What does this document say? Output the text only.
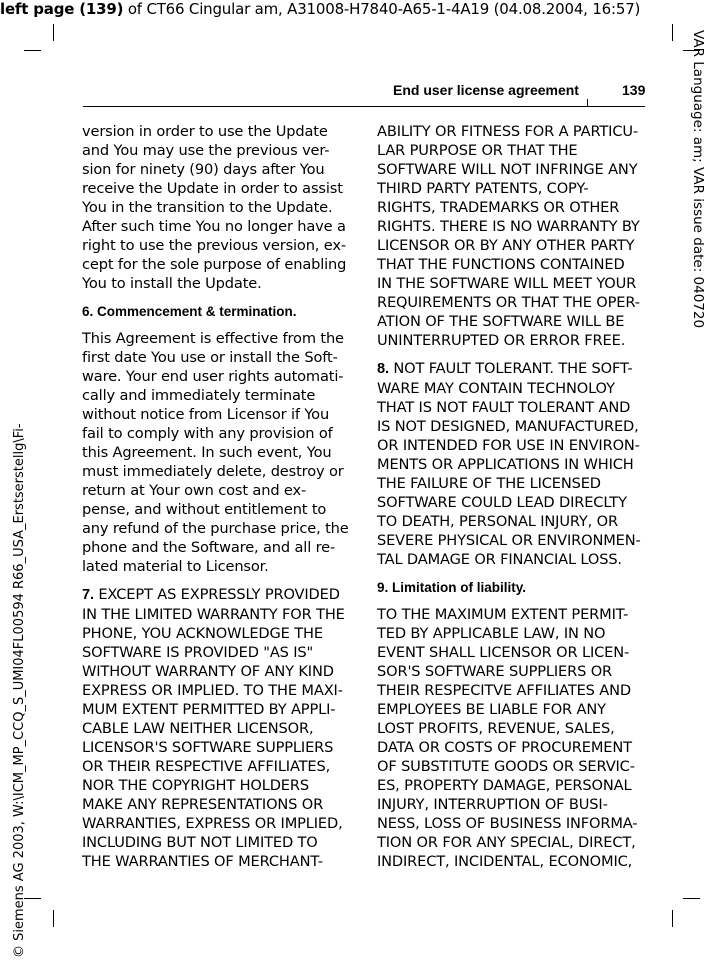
left page (139) of CT66 Cingular am, A31008-H7840-A65-1-4A19 (04.08.2004, 16:57)
VAR Language: am; VAR issue date: 040720
© Siemens AG 2003, W:\ICM_MP_CCQ_S_UMI04FL00594 R66_USA_Erstserstellg\Fi-
End user license agreement	139

version in order to use the Update
and You may use the previous ver-
sion for ninety (90) days after You
receive the Update in order to assist
You in the transition to the Update.
After such time You no longer have a
right to use the previous version, ex-
cept for the sole purpose of enabling
You to install the Update.

6. Commencement & termination.

This Agreement is effective from the
first date You use or install the Soft-
ware. Your end user rights automati-
cally and immediately terminate
without notice from Licensor if You
fail to comply with any provision of
this Agreement. In such event, You
must immediately delete, destroy or
return at Your own cost and ex-
pense, and without entitlement to
any refund of the purchase price, the
phone and the Software, and all re-
lated material to Licensor.

7. EXCEPT AS EXPRESSLY PROVIDED
IN THE LIMITED WARRANTY FOR THE
PHONE, YOU ACKNOWLEDGE THE
SOFTWARE IS PROVIDED "AS IS"
WITHOUT WARRANTY OF ANY KIND
EXPRESS OR IMPLIED. TO THE MAXI-
MUM EXTENT PERMITTED BY APPLI-
CABLE LAW NEITHER LICENSOR,
LICENSOR'S SOFTWARE SUPPLIERS
OR THEIR RESPECTIVE AFFILIATES,
NOR THE COPYRIGHT HOLDERS
MAKE ANY REPRESENTATIONS OR
WARRANTIES, EXPRESS OR IMPLIED,
INCLUDING BUT NOT LIMITED TO
THE WARRANTIES OF MERCHANT-

ABILITY OR FITNESS FOR A PARTICU-
LAR PURPOSE OR THAT THE
SOFTWARE WILL NOT INFRINGE ANY
THIRD PARTY PATENTS, COPY-
RIGHTS, TRADEMARKS OR OTHER
RIGHTS. THERE IS NO WARRANTY BY
LICENSOR OR BY ANY OTHER PARTY
THAT THE FUNCTIONS CONTAINED
IN THE SOFTWARE WILL MEET YOUR
REQUIREMENTS OR THAT THE OPER-
ATION OF THE SOFTWARE WILL BE
UNINTERRUPTED OR ERROR FREE.

8. NOT FAULT TOLERANT. THE SOFT-
WARE MAY CONTAIN TECHNOLOY
THAT IS NOT FAULT TOLERANT AND
IS NOT DESIGNED, MANUFACTURED,
OR INTENDED FOR USE IN ENVIRON-
MENTS OR APPLICATIONS IN WHICH
THE FAILURE OF THE LICENSED
SOFTWARE COULD LEAD DIRECLTY
TO DEATH, PERSONAL INJURY, OR
SEVERE PHYSICAL OR ENVIRONMEN-
TAL DAMAGE OR FINANCIAL LOSS.

9. Limitation of liability.

TO THE MAXIMUM EXTENT PERMIT-
TED BY APPLICABLE LAW, IN NO
EVENT SHALL LICENSOR OR LICEN-
SOR'S SOFTWARE SUPPLIERS OR
THEIR RESPECITVE AFFILIATES AND
EMPLOYEES BE LIABLE FOR ANY
LOST PROFITS, REVENUE, SALES,
DATA OR COSTS OF PROCUREMENT
OF SUBSTITUTE GOODS OR SERVIC-
ES, PROPERTY DAMAGE, PERSONAL
INJURY, INTERRUPTION OF BUSI-
NESS, LOSS OF BUSINESS INFORMA-
TION OR FOR ANY SPECIAL, DIRECT,
INDIRECT, INCIDENTAL, ECONOMIC,
